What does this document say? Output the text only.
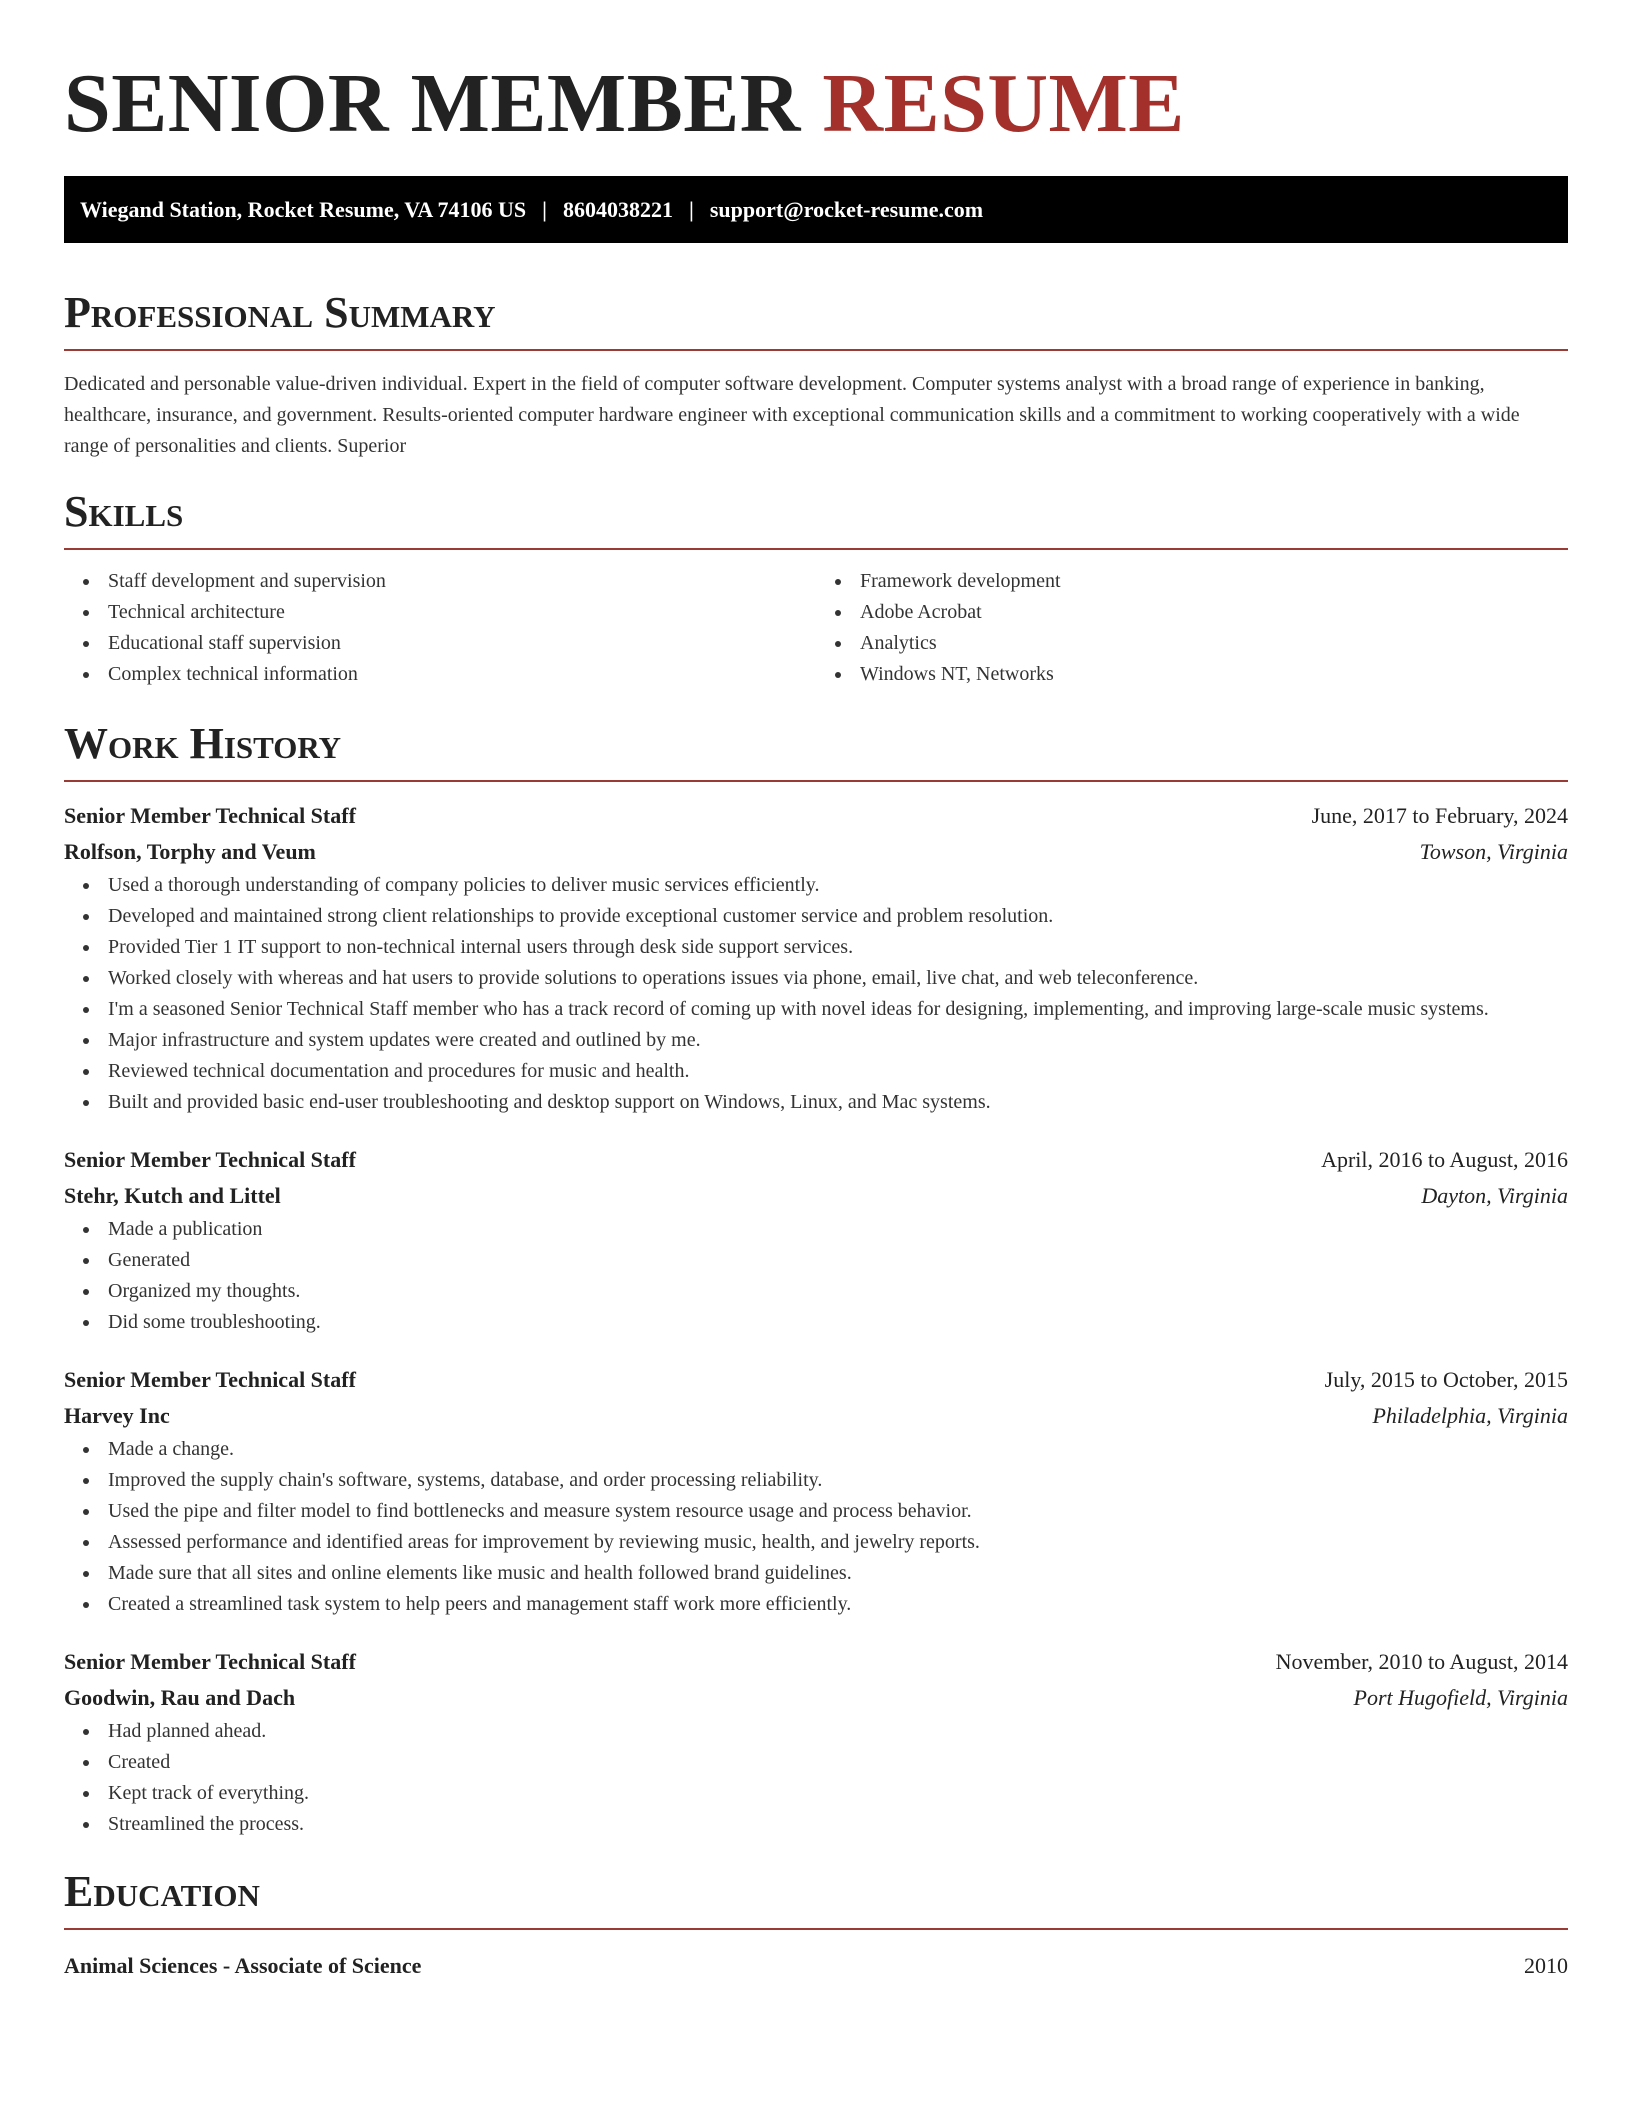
SENIOR MEMBER RESUME
Wiegand Station, Rocket Resume, VA 74106 US | 8604038221 | support@rocket-resume.com
Professional Summary

Dedicated and personable value-driven individual. Expert in the field of computer software development. Computer systems analyst with a broad range of experience in banking, healthcare, insurance, and government. Results-oriented computer hardware engineer with exceptional communication skills and a commitment to working cooperatively with a wide range of personalities and clients. Superior

Skills
Staff development and supervision
Technical architecture
Educational staff supervision
Complex technical information
Framework development
Adobe Acrobat
Analytics
Windows NT, Networks
Work History
Senior Member Technical Staff	June, 2017 to February, 2024
Rolfson, Torphy and Veum	Towson, Virginia
Used a thorough understanding of company policies to deliver music services efficiently.
Developed and maintained strong client relationships to provide exceptional customer service and problem resolution.
Provided Tier 1 IT support to non-technical internal users through desk side support services.
Worked closely with whereas and hat users to provide solutions to operations issues via phone, email, live chat, and web teleconference.
I'm a seasoned Senior Technical Staff member who has a track record of coming up with novel ideas for designing, implementing, and improving large-scale music systems.
Major infrastructure and system updates were created and outlined by me.
Reviewed technical documentation and procedures for music and health.
Built and provided basic end-user troubleshooting and desktop support on Windows, Linux, and Mac systems.
Senior Member Technical Staff	April, 2016 to August, 2016
Stehr, Kutch and Littel	Dayton, Virginia
Made a publication
Generated
Organized my thoughts.
Did some troubleshooting.
Senior Member Technical Staff	July, 2015 to October, 2015
Harvey Inc	Philadelphia, Virginia
Made a change.
Improved the supply chain's software, systems, database, and order processing reliability.
Used the pipe and filter model to find bottlenecks and measure system resource usage and process behavior.
Assessed performance and identified areas for improvement by reviewing music, health, and jewelry reports.
Made sure that all sites and online elements like music and health followed brand guidelines.
Created a streamlined task system to help peers and management staff work more efficiently.
Senior Member Technical Staff	November, 2010 to August, 2014
Goodwin, Rau and Dach	Port Hugofield, Virginia
Had planned ahead.
Created
Kept track of everything.
Streamlined the process.
Education
Animal Sciences - Associate of Science	2010
